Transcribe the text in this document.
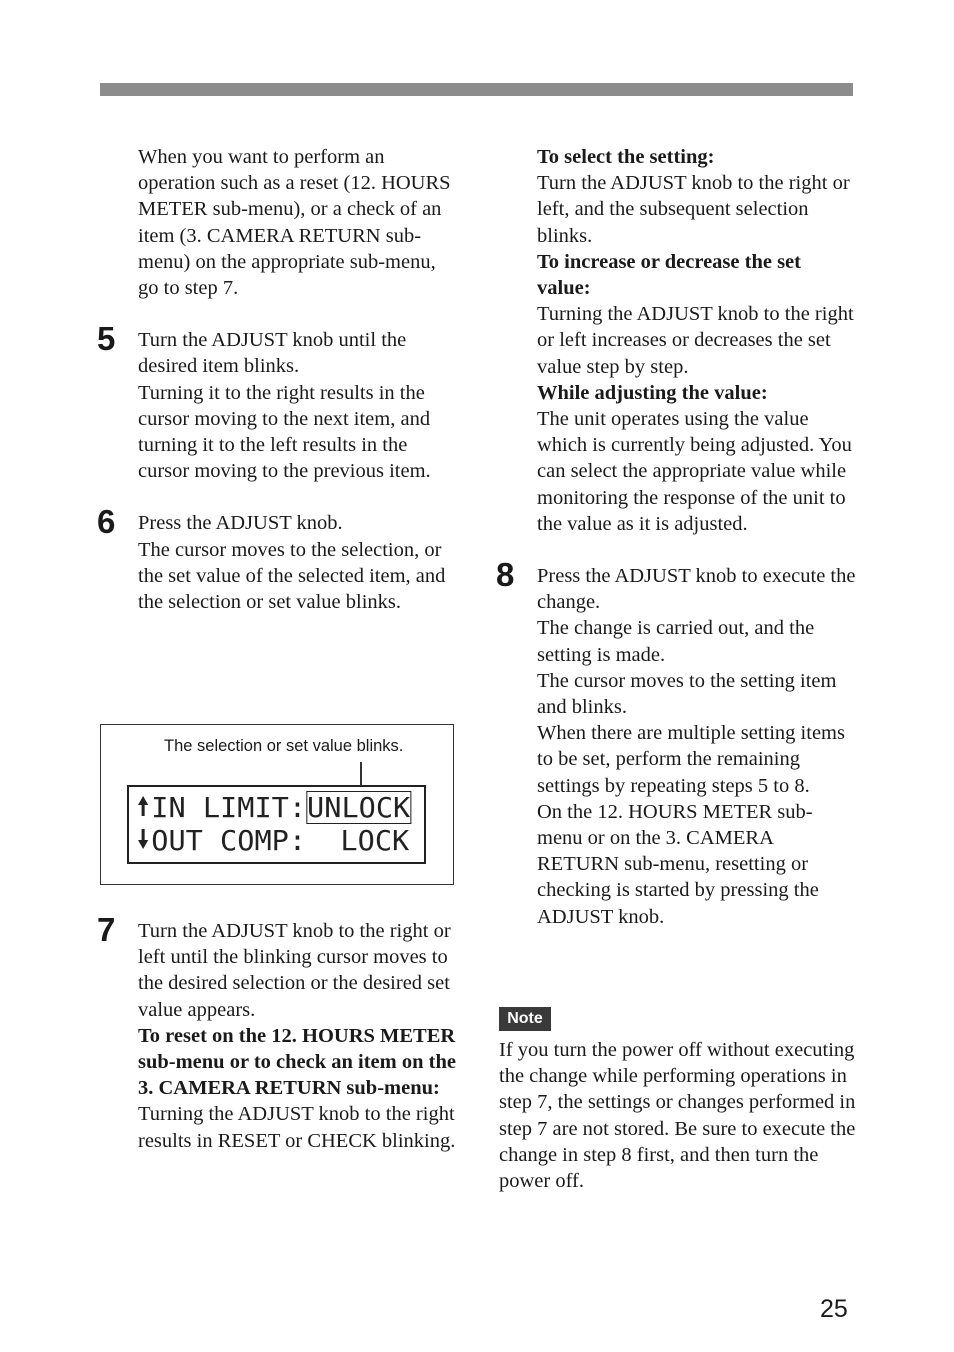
When you want to perform an operation such as a reset (12. HOURS METER sub-menu), or a check of an item (3. CAMERA RETURN sub-menu) on the appropriate sub-menu, go to step 7.

5 Turn the ADJUST knob until the desired item blinks.

Turning it to the right results in the cursor moving to the next item, and turning it to the left results in the cursor moving to the previous item.

6 Press the ADJUST knob.

The cursor moves to the selection, or the set value of the selected item, and the selection or set value blinks.

The selection or set value blinks.
IN LIMIT:UNLOCK
OUT COMP:  LOCK
7 Turn the ADJUST knob to the right or left until the blinking cursor moves to the desired selection or the desired set value appears.

To reset on the 12. HOURS METER sub-menu or to check an item on the 3. CAMERA RETURN sub-menu:

Turning the ADJUST knob to the right results in RESET or CHECK blinking.

To select the setting:

Turn the ADJUST knob to the right or left, and the subsequent selection blinks.

To increase or decrease the set value:

Turning the ADJUST knob to the right or left increases or decreases the set value step by step.

While adjusting the value:

The unit operates using the value which is currently being adjusted. You can select the appropriate value while monitoring the response of the unit to the value as it is adjusted.

8 Press the ADJUST knob to execute the change.

The change is carried out, and the setting is made.

The cursor moves to the setting item and blinks.

When there are multiple setting items to be set, perform the remaining settings by repeating steps 5 to 8.

On the 12. HOURS METER sub-menu or on the 3. CAMERA RETURN sub-menu, resetting or checking is started by pressing the ADJUST knob.

Note

If you turn the power off without executing the change while performing operations in step 7, the settings or changes performed in step 7 are not stored. Be sure to execute the change in step 8 first, and then turn the power off.

25
